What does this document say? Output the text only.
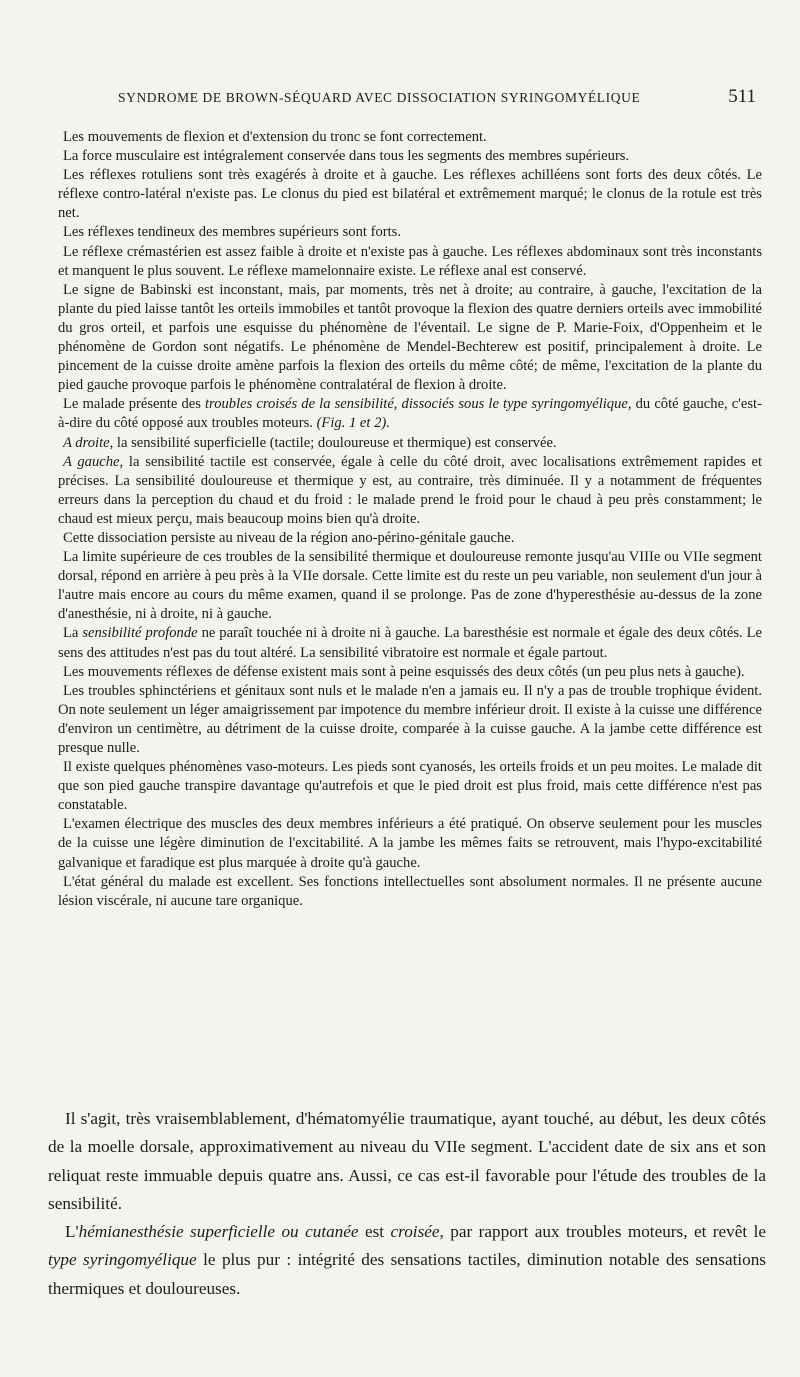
SYNDROME DE BROWN-SÉQUARD AVEC DISSOCIATION SYRINGOMYÉLIQUE	511

Les mouvements de flexion et d'extension du tronc se font correctement.

La force musculaire est intégralement conservée dans tous les segments des membres supérieurs.

Les réflexes rotuliens sont très exagérés à droite et à gauche. Les réflexes achilléens sont forts des deux côtés. Le réflexe contro-latéral n'existe pas. Le clonus du pied est bilatéral et extrêmement marqué; le clonus de la rotule est très net.

Les réflexes tendineux des membres supérieurs sont forts.

Le réflexe crémastérien est assez faible à droite et n'existe pas à gauche. Les réflexes abdominaux sont très inconstants et manquent le plus souvent. Le réflexe mamelonnaire existe. Le réflexe anal est conservé.

Le signe de Babinski est inconstant, mais, par moments, très net à droite; au contraire, à gauche, l'excitation de la plante du pied laisse tantôt les orteils immobiles et tantôt provoque la flexion des quatre derniers orteils avec immobilité du gros orteil, et parfois une esquisse du phénomène de l'éventail. Le signe de P. Marie-Foix, d'Oppenheim et le phénomène de Gordon sont négatifs. Le phénomène de Mendel-Bechterew est positif, principalement à droite. Le pincement de la cuisse droite amène parfois la flexion des orteils du même côté; de même, l'excitation de la plante du pied gauche provoque parfois le phénomène contralatéral de flexion à droite.

Le malade présente des troubles croisés de la sensibilité, dissociés sous le type syringomyélique, du côté gauche, c'est-à-dire du côté opposé aux troubles moteurs. (Fig. 1 et 2).

A droite, la sensibilité superficielle (tactile; douloureuse et thermique) est conservée.

A gauche, la sensibilité tactile est conservée, égale à celle du côté droit, avec localisations extrêmement rapides et précises. La sensibilité douloureuse et thermique y est, au contraire, très diminuée. Il y a notamment de fréquentes erreurs dans la perception du chaud et du froid : le malade prend le froid pour le chaud à peu près constamment; le chaud est mieux perçu, mais beaucoup moins bien qu'à droite.

Cette dissociation persiste au niveau de la région ano-périno-génitale gauche.

La limite supérieure de ces troubles de la sensibilité thermique et douloureuse remonte jusqu'au VIIIe ou VIIe segment dorsal, répond en arrière à peu près à la VIIe dorsale. Cette limite est du reste un peu variable, non seulement d'un jour à l'autre mais encore au cours du même examen, quand il se prolonge. Pas de zone d'hyperesthésie au-dessus de la zone d'anesthésie, ni à droite, ni à gauche.

La sensibilité profonde ne paraît touchée ni à droite ni à gauche. La baresthésie est normale et égale des deux côtés. Le sens des attitudes n'est pas du tout altéré. La sensibilité vibratoire est normale et égale partout.

Les mouvements réflexes de défense existent mais sont à peine esquissés des deux côtés (un peu plus nets à gauche).

Les troubles sphinctériens et génitaux sont nuls et le malade n'en a jamais eu. Il n'y a pas de trouble trophique évident. On note seulement un léger amaigrissement par impotence du membre inférieur droit. Il existe à la cuisse une différence d'environ un centimètre, au détriment de la cuisse droite, comparée à la cuisse gauche. A la jambe cette différence est presque nulle.

Il existe quelques phénomènes vaso-moteurs. Les pieds sont cyanosés, les orteils froids et un peu moites. Le malade dit que son pied gauche transpire davantage qu'autrefois et que le pied droit est plus froid, mais cette différence n'est pas constatable.

L'examen électrique des muscles des deux membres inférieurs a été pratiqué. On observe seulement pour les muscles de la cuisse une légère diminution de l'excitabilité. A la jambe les mêmes faits se retrouvent, mais l'hypo-excitabilité galvanique et faradique est plus marquée à droite qu'à gauche.

L'état général du malade est excellent. Ses fonctions intellectuelles sont absolument normales. Il ne présente aucune lésion viscérale, ni aucune tare organique.

Il s'agit, très vraisemblablement, d'hématomyélie traumatique, ayant touché, au début, les deux côtés de la moelle dorsale, approximativement au niveau du VIIe segment. L'accident date de six ans et son reliquat reste immuable depuis quatre ans. Aussi, ce cas est-il favorable pour l'étude des troubles de la sensibilité.

L'hémianesthésie superficielle ou cutanée est croisée, par rapport aux troubles moteurs, et revêt le type syringomyélique le plus pur : intégrité des sensations tactiles, diminution notable des sensations thermiques et douloureuses.
